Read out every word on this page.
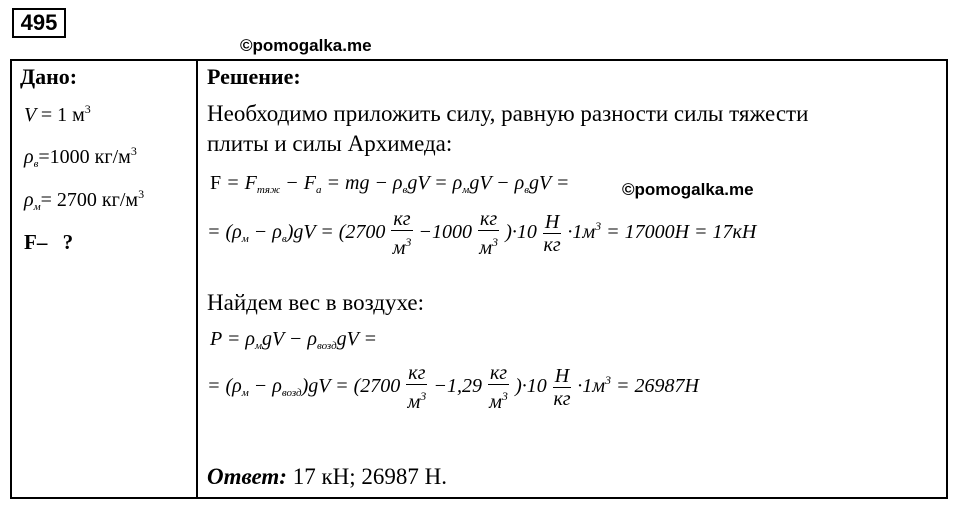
495
©pomogalka.me
©pomogalka.me
Дано:
V = 1 $м^3$
$\rho_в=1000$ $кг/м^3$
$\rho_м= 2700$ $кг/м^3$
F– ?
Решение:
Необходимо приложить силу, равную разности силы тяжести
плиты и силы Архимеда:
$F = F_{тяж} - F_а$ = mg − $\rho_вgV = \rho_мgV - \rho_вgV$ =
= $(\rho_м - \rho_в)gV = (2700 \frac{кг}{м^3} -1000 \frac{кг}{м^3} )\cdot 10 \frac{Н}{кг} \cdot 1м^3 = 17000Н = 17кН$
Найдем вес в воздухе:
$P = \rho_мgV - \rho_{возд}gV$ =
= $(\rho_м - \rho_{возд})gV = (2700 \frac{кг}{м^3} -1,29 \frac{кг}{м^3} )\cdot 10 \frac{Н}{кг} \cdot 1м^3 = 26987Н$
Ответ: 17 кН; 26987 Н.
